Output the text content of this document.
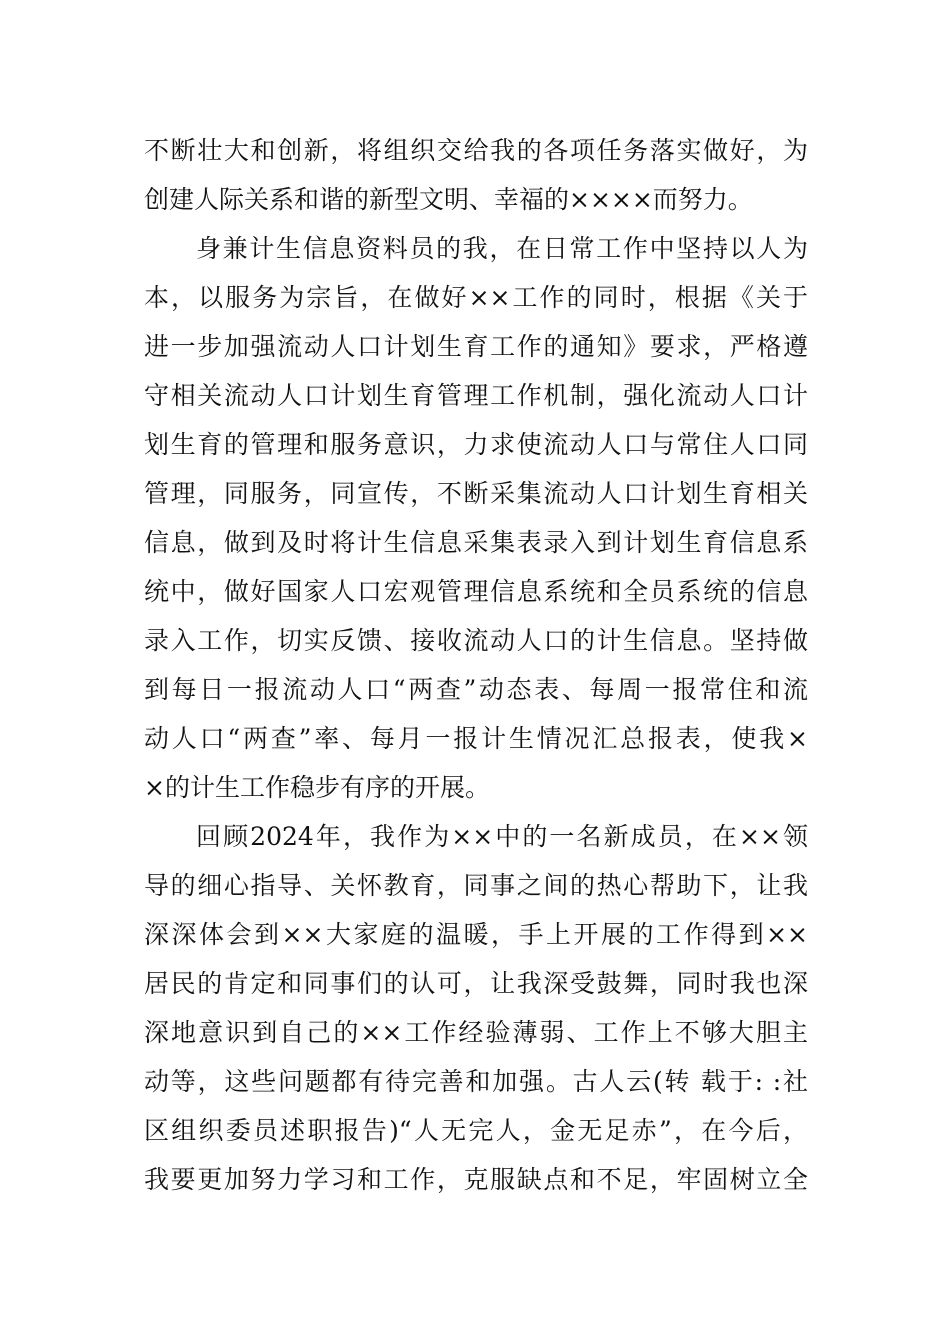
不断壮大和创新，将组织交给我的各项任务落实做好，为
创建人际关系和谐的新型文明、幸福的××××而努力。

身兼计生信息资料员的我，在日常工作中坚持以人为
本，以服务为宗旨，在做好××工作的同时，根据《关于
进一步加强流动人口计划生育工作的通知》要求，严格遵
守相关流动人口计划生育管理工作机制，强化流动人口计
划生育的管理和服务意识，力求使流动人口与常住人口同
管理，同服务，同宣传，不断采集流动人口计划生育相关
信息，做到及时将计生信息采集表录入到计划生育信息系
统中，做好国家人口宏观管理信息系统和全员系统的信息
录入工作，切实反馈、接收流动人口的计生信息。坚持做
到每日一报流动人口“两查”动态表、每周一报常住和流
动人口“两查”率、每月一报计生情况汇总报表，使我×
×的计生工作稳步有序的开展。

回顾2024年，我作为××中的一名新成员，在××领
导的细心指导、关怀教育，同事之间的热心帮助下，让我
深深体会到××大家庭的温暖，手上开展的工作得到××
居民的肯定和同事们的认可，让我深受鼓舞，同时我也深
深地意识到自己的××工作经验薄弱、工作上不够大胆主
动等，这些问题都有待完善和加强。古人云(转 载于: :社
区组织委员述职报告)“人无完人，金无足赤”，在今后，
我要更加努力学习和工作，克服缺点和不足，牢固树立全
